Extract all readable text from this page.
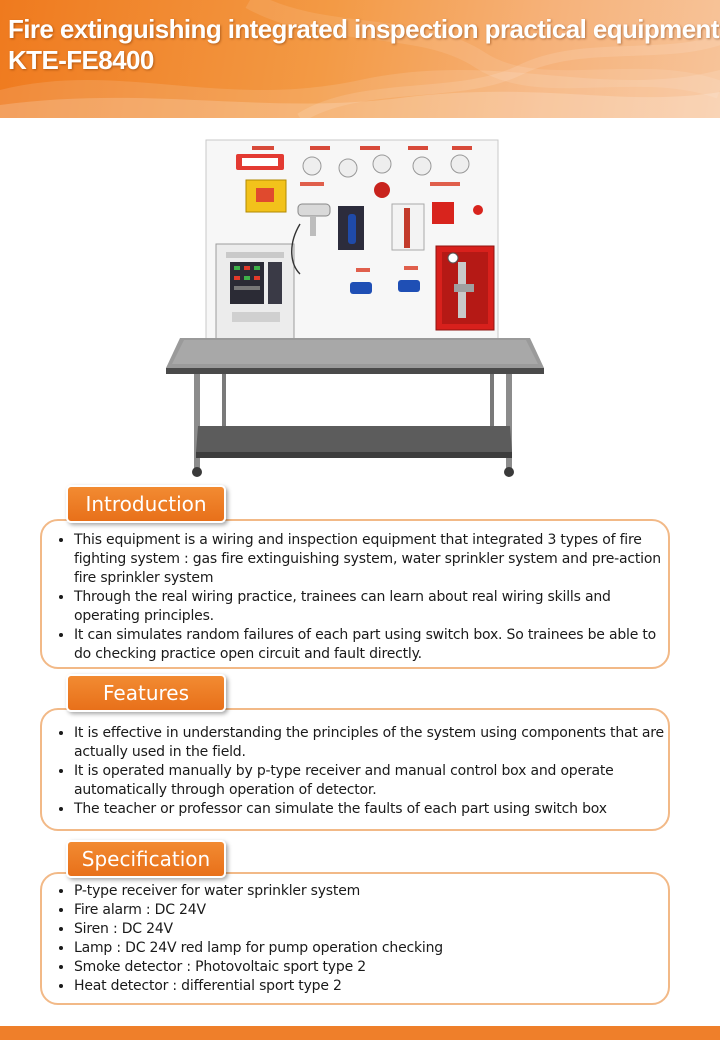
Fire extinguishing integrated inspection practical equipment
KTE-FE8400
Introduction
• This equipment is a wiring and inspection equipment that integrated 3 types of fire fighting system : gas fire extinguishing system, water sprinkler system and pre-action fire sprinkler system
• Through the real wiring practice, trainees can learn about real wiring skills and operating principles.
• It can simulates random failures of each part using switch box. So trainees be able to do checking practice open circuit and fault directly.
Features
• It is effective in understanding the principles of the system using components that are actually used in the field.
• It is operated manually by p-type receiver and manual control box and operate automatically through operation of detector.
• The teacher or professor can simulate the faults of each part using switch box
Specification
• P-type receiver for water sprinkler system
• Fire alarm : DC 24V
• Siren : DC 24V
• Lamp : DC 24V red lamp for pump operation checking
• Smoke detector : Photovoltaic sport type 2
• Heat detector : differential sport type 2
